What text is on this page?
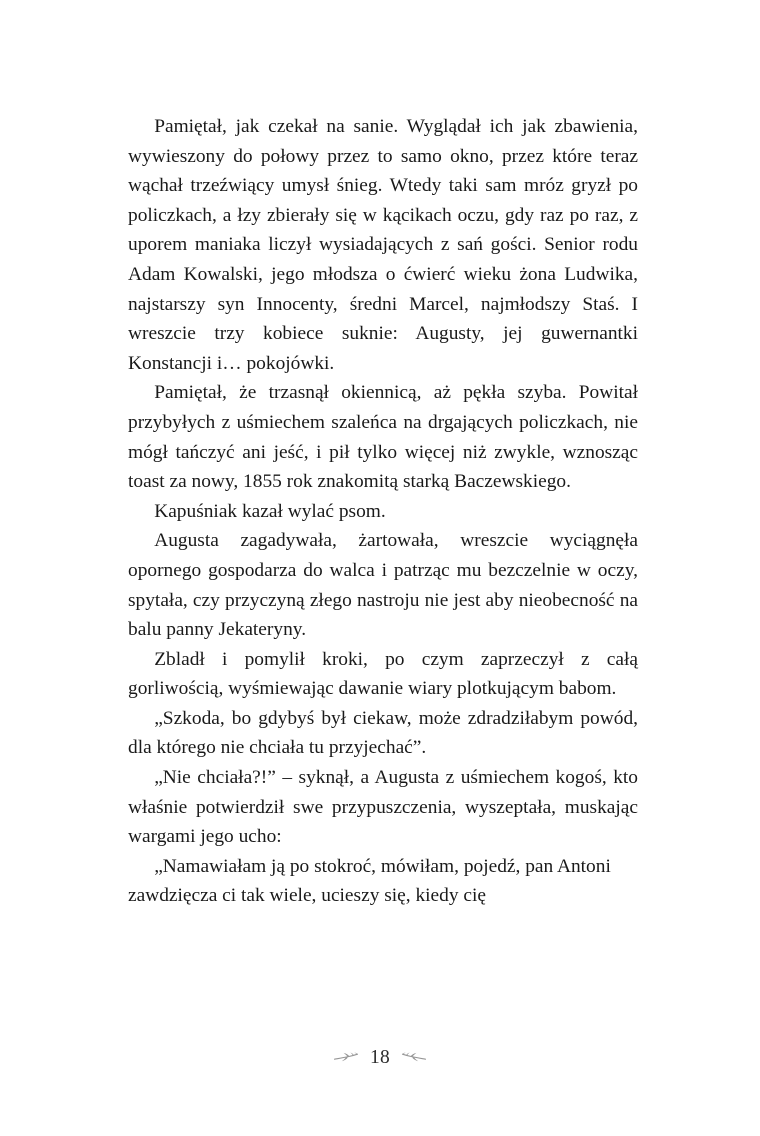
Pamiętał, jak czekał na sanie. Wyglądał ich jak zbawienia, wywieszony do połowy przez to samo okno, przez które teraz wąchał trzeźwiący umysł śnieg. Wtedy taki sam mróz gryzł po policzkach, a łzy zbierały się w kącikach oczu, gdy raz po raz, z uporem maniaka liczył wysiadających z sań gości. Senior rodu Adam Kowalski, jego młodsza o ćwierć wieku żona Ludwika, najstarszy syn Innocenty, średni Marcel, najmłodszy Staś. I wreszcie trzy kobiece suknie: Augusty, jej guwernantki Konstancji i… pokojówki.

Pamiętał, że trzasnął okiennicą, aż pękła szyba. Powitał przybyłych z uśmiechem szaleńca na drgających policzkach, nie mógł tańczyć ani jeść, i pił tylko więcej niż zwykle, wznosząc toast za nowy, 1855 rok znakomitą starką Baczewskiego.

Kapuśniak kazał wylać psom.

Augusta zagadywała, żartowała, wreszcie wyciągnęła opornego gospodarza do walca i patrząc mu bezczelnie w oczy, spytała, czy przyczyną złego nastroju nie jest aby nieobecność na balu panny Jekateryny.

Zbladł i pomylił kroki, po czym zaprzeczył z całą gorliwością, wyśmiewając dawanie wiary plotkującym babom.

„Szkoda, bo gdybyś był ciekaw, może zdradziłabym powód, dla którego nie chciała tu przyjechać”.

„Nie chciała?!” – syknął, a Augusta z uśmiechem kogoś, kto właśnie potwierdził swe przypuszczenia, wyszeptała, muskając wargami jego ucho:

„Namawiałam ją po stokroć, mówiłam, pojedź, pan Antoni zawdzięcza ci tak wiele, ucieszy się, kiedy cię

18
